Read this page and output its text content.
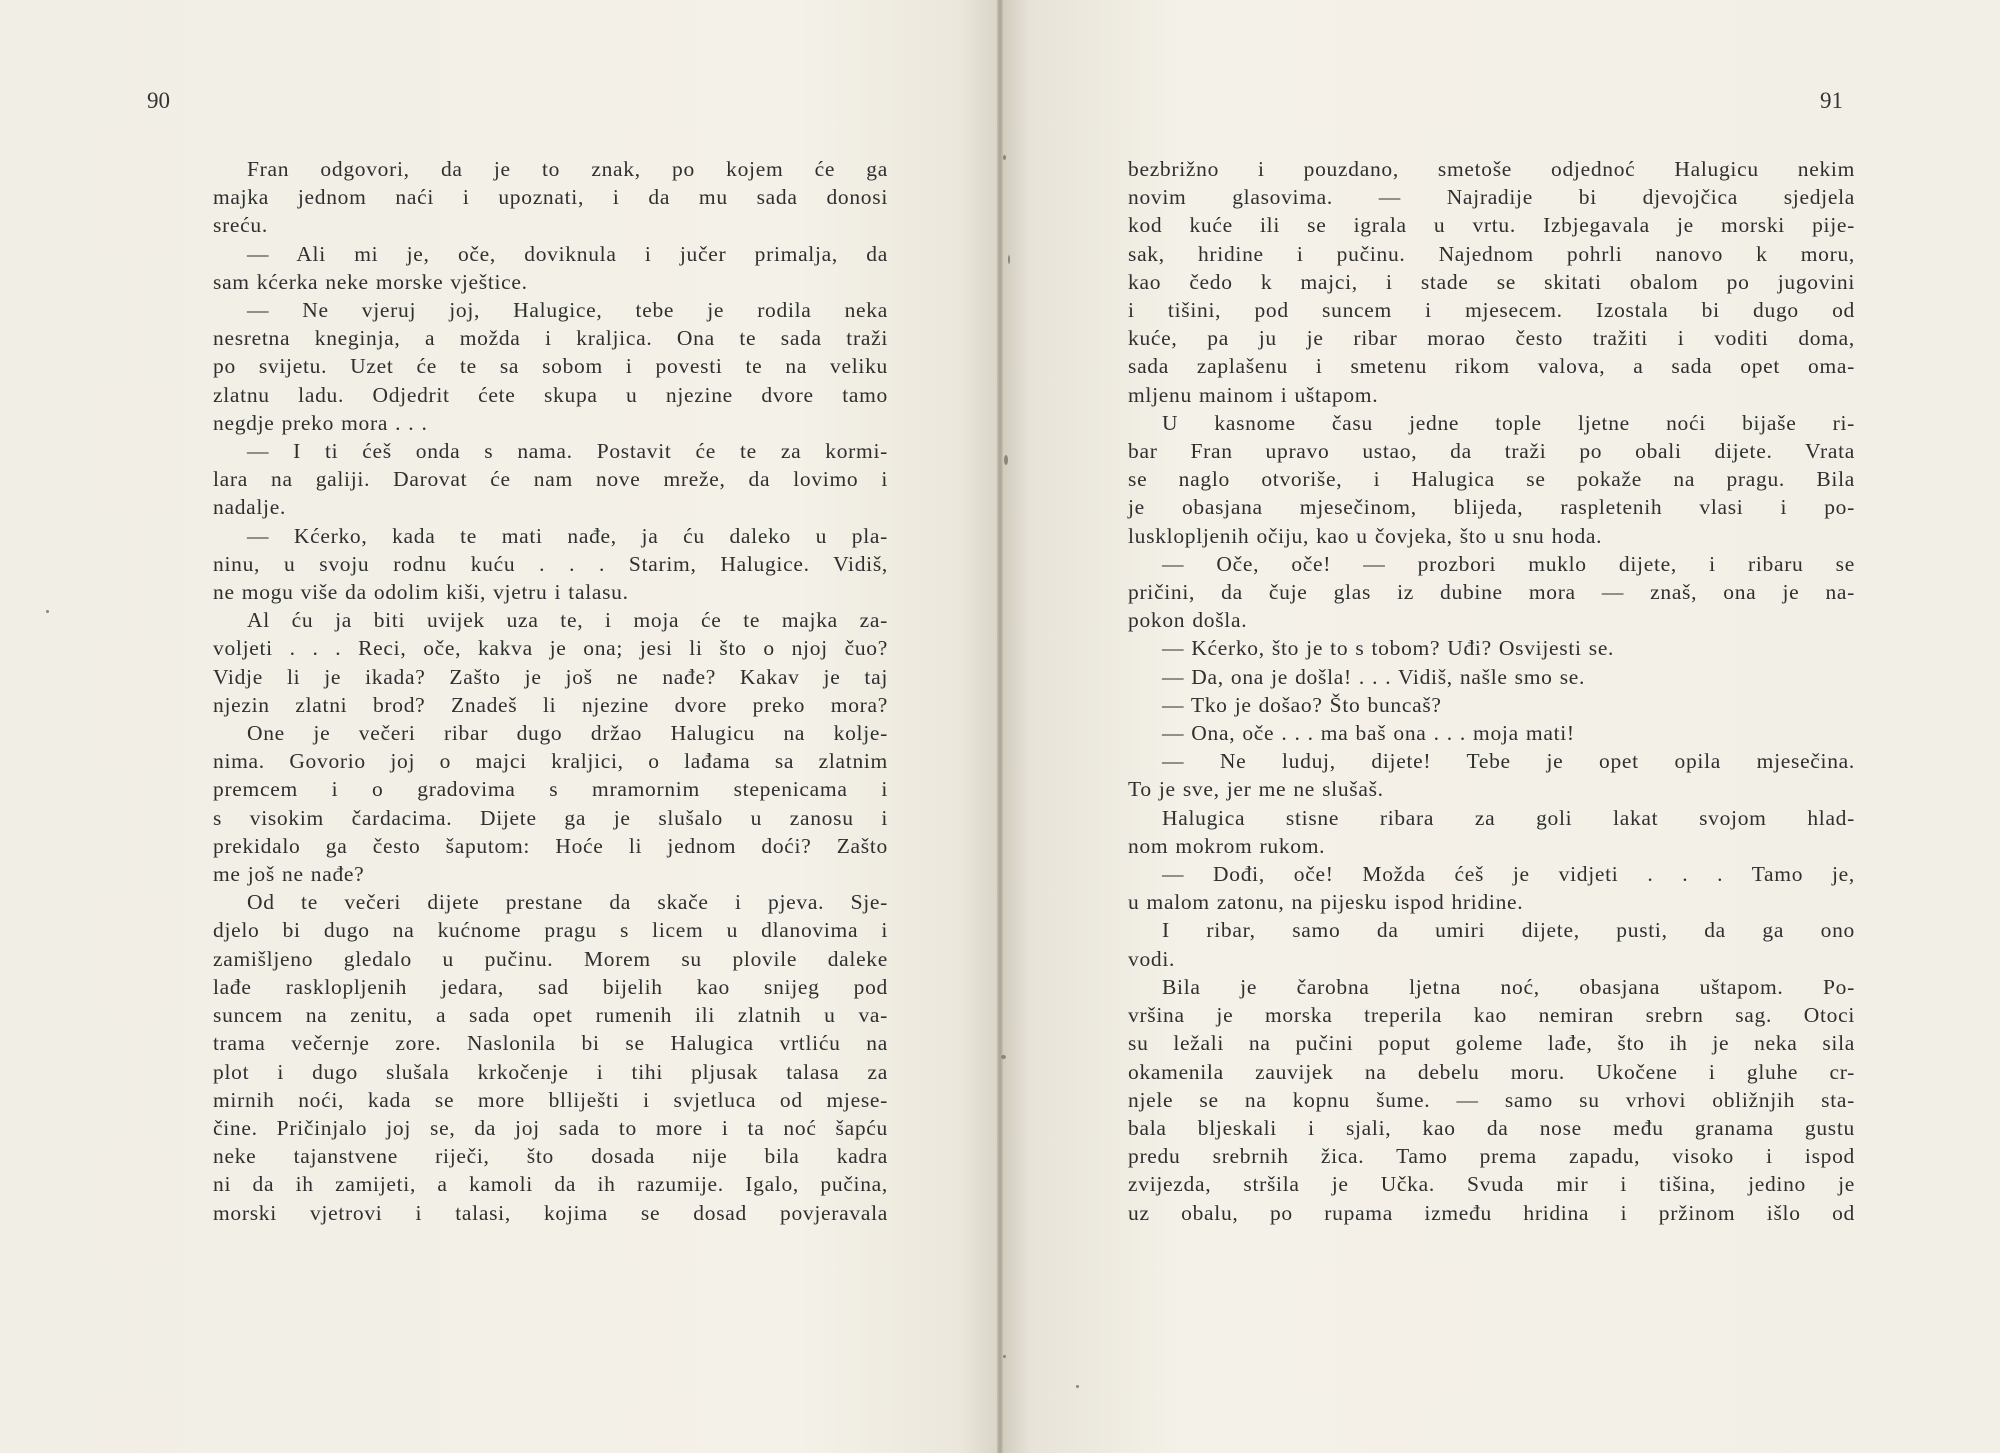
90
Fran odgovori, da je to znak, po kojem će ga
majka jednom naći i upoznati, i da mu sada donosi
sreću.
— Ali mi je, oče, doviknula i jučer primalja, da
sam kćerka neke morske vještice.
— Ne vjeruj joj, Halugice, tebe je rodila neka
nesretna kneginja, a možda i kraljica. Ona te sada traži
po svijetu. Uzet će te sa sobom i povesti te na veliku
zlatnu ladu. Odjedrit ćete skupa u njezine dvore tamo
negdje preko mora . . .
— I ti ćeš onda s nama. Postavit će te za kormi-
lara na galiji. Darovat će nam nove mreže, da lovimo i
nadalje.
— Kćerko, kada te mati nađe, ja ću daleko u pla-
ninu, u svoju rodnu kuću . . . Starim, Halugice. Vidiš,
ne mogu više da odolim kiši, vjetru i talasu.
Al ću ja biti uvijek uza te, i moja će te majka za-
voljeti . . . Reci, oče, kakva je ona; jesi li što o njoj čuo?
Vidje li je ikada? Zašto je još ne nađe? Kakav je taj
njezin zlatni brod? Znadeš li njezine dvore preko mora?
One je večeri ribar dugo držao Halugicu na kolje-
nima. Govorio joj o majci kraljici, o lađama sa zlatnim
premcem i o gradovima s mramornim stepenicama i
s visokim čardacima. Dijete ga je slušalo u zanosu i
prekidalo ga često šaputom: Hoće li jednom doći? Zašto
me još ne nađe?
Od te večeri dijete prestane da skače i pjeva. Sje-
djelo bi dugo na kućnome pragu s licem u dlanovima i
zamišljeno gledalo u pučinu. Morem su plovile daleke
lađe rasklopljenih jedara, sad bijelih kao snijeg pod
suncem na zenitu, a sada opet rumenih ili zlatnih u va-
trama večernje zore. Naslonila bi se Halugica vrtliću na
plot i dugo slušala krkočenje i tihi pljusak talasa za
mirnih noći, kada se more blliješti i svjetluca od mjese-
čine. Pričinjalo joj se, da joj sada to more i ta noć šapću
neke tajanstvene riječi, što dosada nije bila kadra
ni da ih zamijeti, a kamoli da ih razumije. Igalo, pučina,
morski vjetrovi i talasi, kojima se dosad povjeravala
91
bezbrižno i pouzdano, smetoše odjednoć Halugicu nekim
novim glasovima. — Najradije bi djevojčica sjedjela
kod kuće ili se igrala u vrtu. Izbjegavala je morski pije-
sak, hridine i pučinu. Najednom pohrli nanovo k moru,
kao čedo k majci, i stade se skitati obalom po jugovini
i tišini, pod suncem i mjesecem. Izostala bi dugo od
kuće, pa ju je ribar morao često tražiti i voditi doma,
sada zaplašenu i smetenu rikom valova, a sada opet oma-
mljenu mainom i uštapom.
U kasnome času jedne tople ljetne noći bijaše ri-
bar Fran upravo ustao, da traži po obali dijete. Vrata
se naglo otvoriše, i Halugica se pokaže na pragu. Bila
je obasjana mjesečinom, blijeda, raspletenih vlasi i po-
lusklopljenih očiju, kao u čovjeka, što u snu hoda.
— Oče, oče! — prozbori muklo dijete, i ribaru se
pričini, da čuje glas iz dubine mora — znaš, ona je na-
pokon došla.
— Kćerko, što je to s tobom? Uđi? Osvijesti se.
— Da, ona je došla! . . . Vidiš, našle smo se.
— Tko je došao? Što buncaš?
— Ona, oče . . . ma baš ona . . . moja mati!
— Ne luduj, dijete! Tebe je opet opila mjesečina.
To je sve, jer me ne slušaš.
Halugica stisne ribara za goli lakat svojom hlad-
nom mokrom rukom.
— Dođi, oče! Možda ćeš je vidjeti . . . Tamo je,
u malom zatonu, na pijesku ispod hridine.
I ribar, samo da umiri dijete, pusti, da ga ono
vodi.
Bila je čarobna ljetna noć, obasjana uštapom. Po-
vršina je morska treperila kao nemiran srebrn sag. Otoci
su ležali na pučini poput goleme lađe, što ih je neka sila
okamenila zauvijek na debelu moru. Ukočene i gluhe cr-
njele se na kopnu šume. — samo su vrhovi obližnjih sta-
bala bljeskali i sjali, kao da nose među granama gustu
predu srebrnih žica. Tamo prema zapadu, visoko i ispod
zvijezda, stršila je Učka. Svuda mir i tišina, jedino je
uz obalu, po rupama između hridina i pržinom išlo od
